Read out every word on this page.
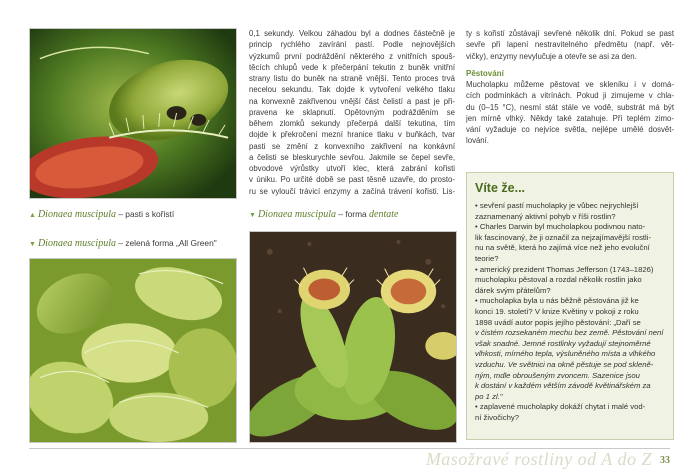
▲ Dionaea muscipula – pasti s kořistí
▼ Dionaea muscipula – zelená forma „All Green"

0,1 sekundy. Velkou záhadou byl a dodnes částečně je
princip rychlého zavírání pastí. Podle nejnovějších
výzkumů první podráždění některého z vnitřních spouš-
těcích chlupů vede k přečerpání tekutin z buněk vnitřní
strany listu do buněk na straně vnější. Tento proces trvá
necelou sekundu. Tak dojde k vytvoření velkého tlaku
na konvexně zakřivenou vnější část čelistí a past je při-
pravena ke sklapnutí. Opětovným podrážděním se
během zlomků sekundy přečerpá další tekutina, tím
dojde k překročení mezní hranice tlaku v buňkách, tvar
pasti se změní z konvexního zakřivení na konkávní
a čelisti se bleskurychle sevřou. Jakmile se čepel sevře,
obvodové výrůstky utvoří klec, která zabrání kořisti
v úniku. Po určité době se past těsně uzavře, do prosto-
ru se vyloučí trávicí enzymy a začíná trávení kořisti. Lis-

▼ Dionaea muscipula – forma dentate

ty s kořistí zůstávají sevřené několik dní. Pokud se past
sevře při lapení nestravitelného předmětu (např. vět-
vičky), enzymy nevylučuje a otevře se asi za den.

Pěstování
Mucholapku můžeme pěstovat ve skleníku i v domá-
cích podmínkách a vitrínách. Pokud ji zimujeme v chla-
du (0–15 °C), nesmí stát stále ve vodě, substrát má být
jen mírně vlhký. Někdy také zatahuje. Při teplém zimo-
vání vyžaduje co nejvíce světla, nejlépe umělé dosvět-
lování.

Víte že...
• sevření pastí mucholapky je vůbec nejrychlejší
zaznamenaný aktivní pohyb v říši rostlin?
• Charles Darwin byl mucholapkou podivnou nato-
lik fascinovaný, že ji označil za nejzajímavější rostli-
nu na světě, která ho zajímá více než jeho evoluční
teorie?
• americký prezident Thomas Jefferson (1743–1826)
mucholapku pěstoval a rozdal několik rostlin jako
dárek svým přátelům?
• mucholapka byla u nás běžně pěstována již ke
konci 19. století? V knize Květiny v pokoji z roku
1898 uvádí autor popis jejího pěstování: „Daří se
v čistém rozsekaném mechu bez země. Pěstování není
však snadné. Jemné rostlinky vyžadují stejnoměrné
vlhkosti, mírného tepla, výsluněného místa a vlhkého
vzduchu. Ve světnici na okně pěstuje se pod skleně-
ným, mdle obroušeným zvoncem. Sazenice jsou
k dostání v každém větším závodě květinářském za
po 1 zl."
• zaplavené mucholapky dokáží chytat i malé vod-
ní živočichy?
Masožravé rostliny od A do Z 33
